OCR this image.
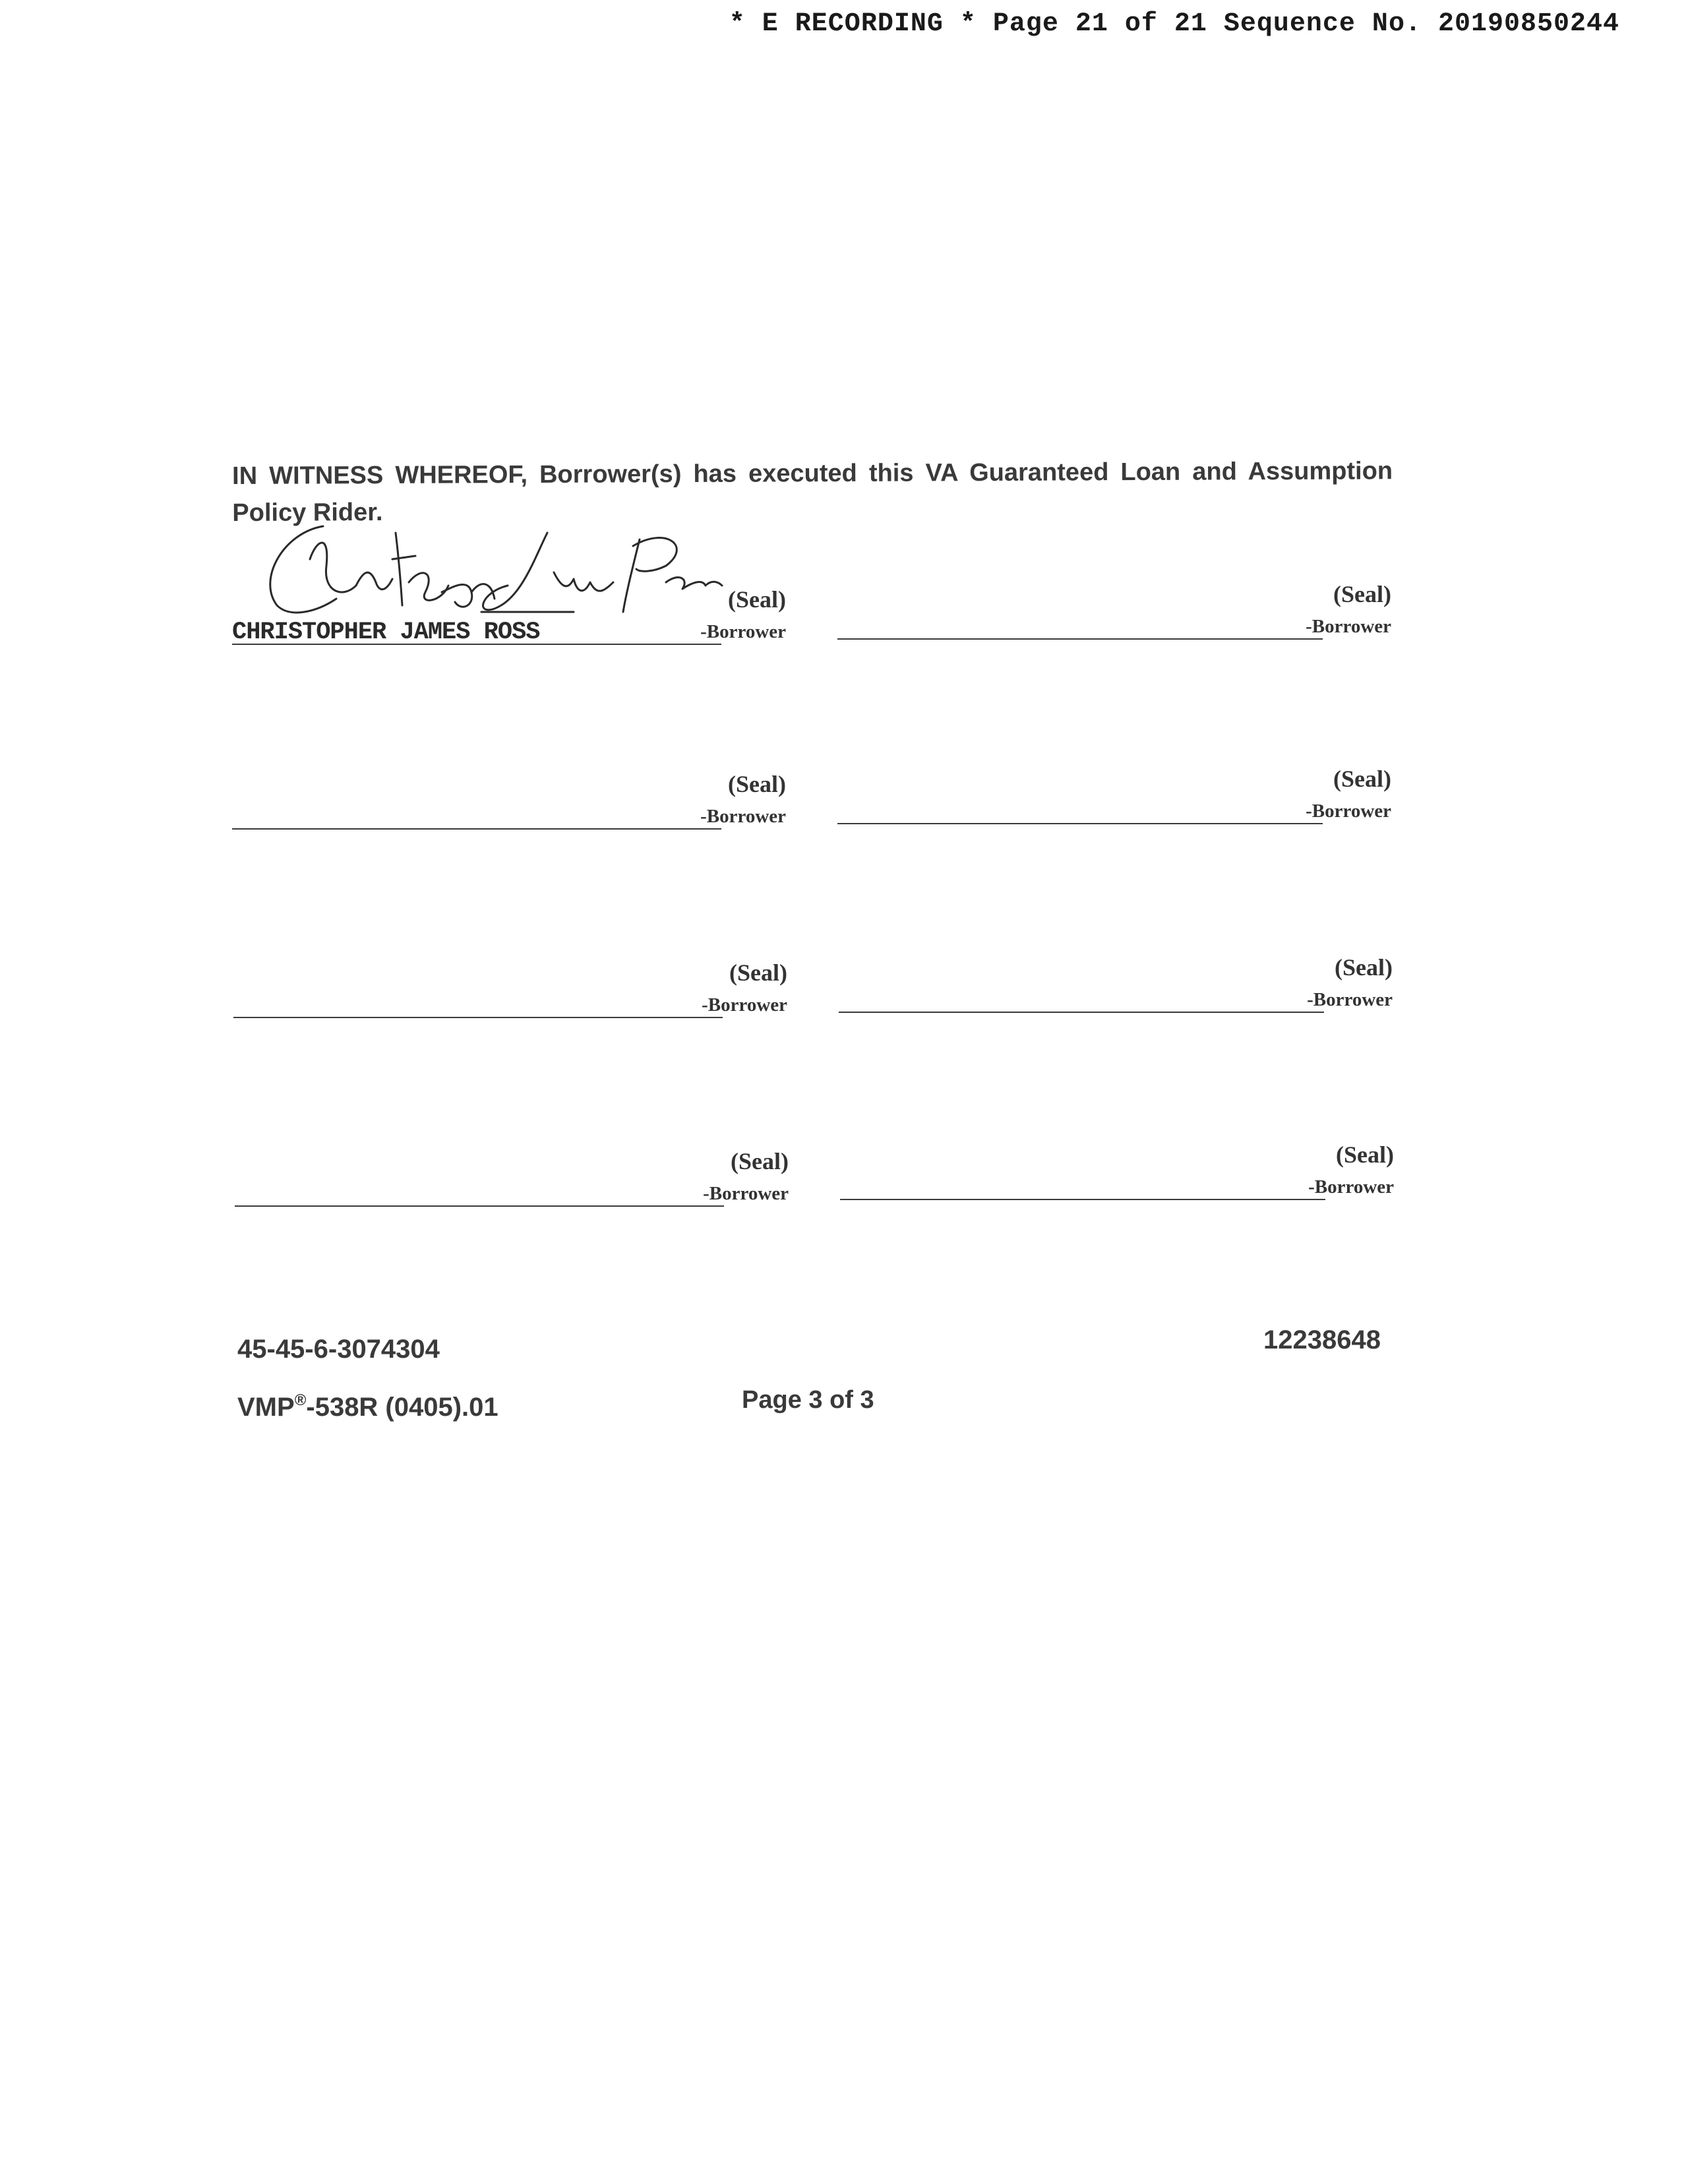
* E RECORDING * Page 21 of 21 Sequence No. 20190850244
IN WITNESS WHEREOF, Borrower(s) has executed this VA Guaranteed Loan and Assumption Policy Rider.
(Seal)
CHRISTOPHER JAMES ROSS	-Borrower
(Seal)
-Borrower
(Seal)
-Borrower
(Seal)
-Borrower
(Seal)
-Borrower
(Seal)
-Borrower
(Seal)
-Borrower
(Seal)
-Borrower
45-45-6-3074304	12238648
VMP®-538R (0405).01	Page 3 of 3
